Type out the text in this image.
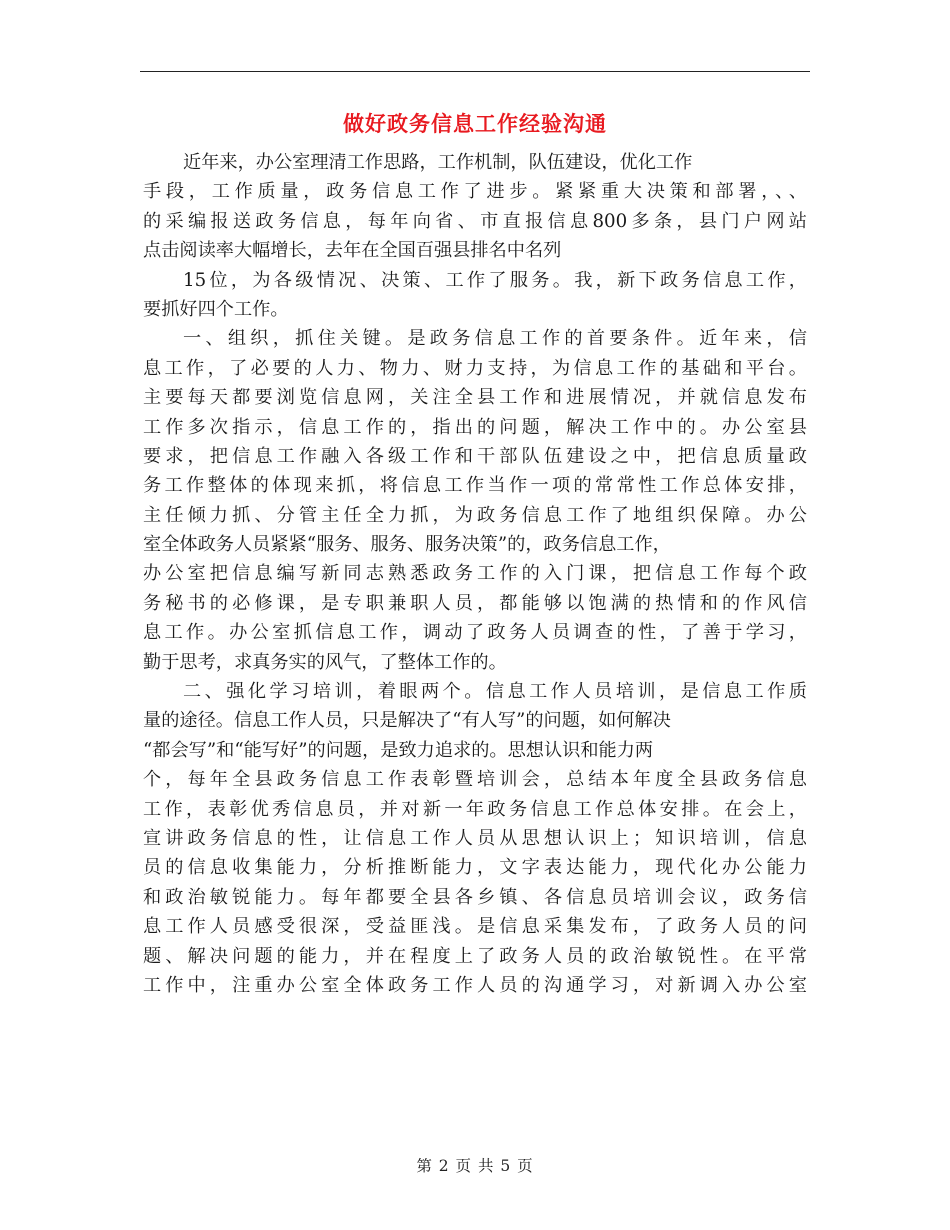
做好政务信息工作经验沟通
近年来，办公室理清工作思路，工作机制，队伍建设，优化工作
手段，工作质量，政务信息工作了进步。紧紧重大决策和部署，、、
的采编报送政务信息，每年向省、市直报信息800多条，县门户网站
点击阅读率大幅增长，去年在全国百强县排名中名列
15位，为各级情况、决策、工作了服务。我，新下政务信息工作，
要抓好四个工作。
一、组织，抓住关键。是政务信息工作的首要条件。近年来，信
息工作，了必要的人力、物力、财力支持，为信息工作的基础和平台。
主要每天都要浏览信息网，关注全县工作和进展情况，并就信息发布
工作多次指示，信息工作的，指出的问题，解决工作中的。办公室县
要求，把信息工作融入各级工作和干部队伍建设之中，把信息质量政
务工作整体的体现来抓，将信息工作当作一项的常常性工作总体安排，
主任倾力抓、分管主任全力抓，为政务信息工作了地组织保障。办公
室全体政务人员紧紧“服务、服务、服务决策”的，政务信息工作，
办公室把信息编写新同志熟悉政务工作的入门课，把信息工作每个政
务秘书的必修课，是专职兼职人员，都能够以饱满的热情和的作风信
息工作。办公室抓信息工作，调动了政务人员调查的性，了善于学习，
勤于思考，求真务实的风气，了整体工作的。
二、强化学习培训，着眼两个。信息工作人员培训，是信息工作质
量的途径。信息工作人员，只是解决了“有人写”的问题，如何解决
“都会写”和“能写好”的问题，是致力追求的。思想认识和能力两
个，每年全县政务信息工作表彰暨培训会，总结本年度全县政务信息
工作，表彰优秀信息员，并对新一年政务信息工作总体安排。在会上，
宣讲政务信息的性，让信息工作人员从思想认识上；知识培训，信息
员的信息收集能力，分析推断能力，文字表达能力，现代化办公能力
和政治敏锐能力。每年都要全县各乡镇、各信息员培训会议，政务信
息工作人员感受很深，受益匪浅。是信息采集发布，了政务人员的问
题、解决问题的能力，并在程度上了政务人员的政治敏锐性。在平常
工作中，注重办公室全体政务工作人员的沟通学习，对新调入办公室
第 2 页 共 5 页
